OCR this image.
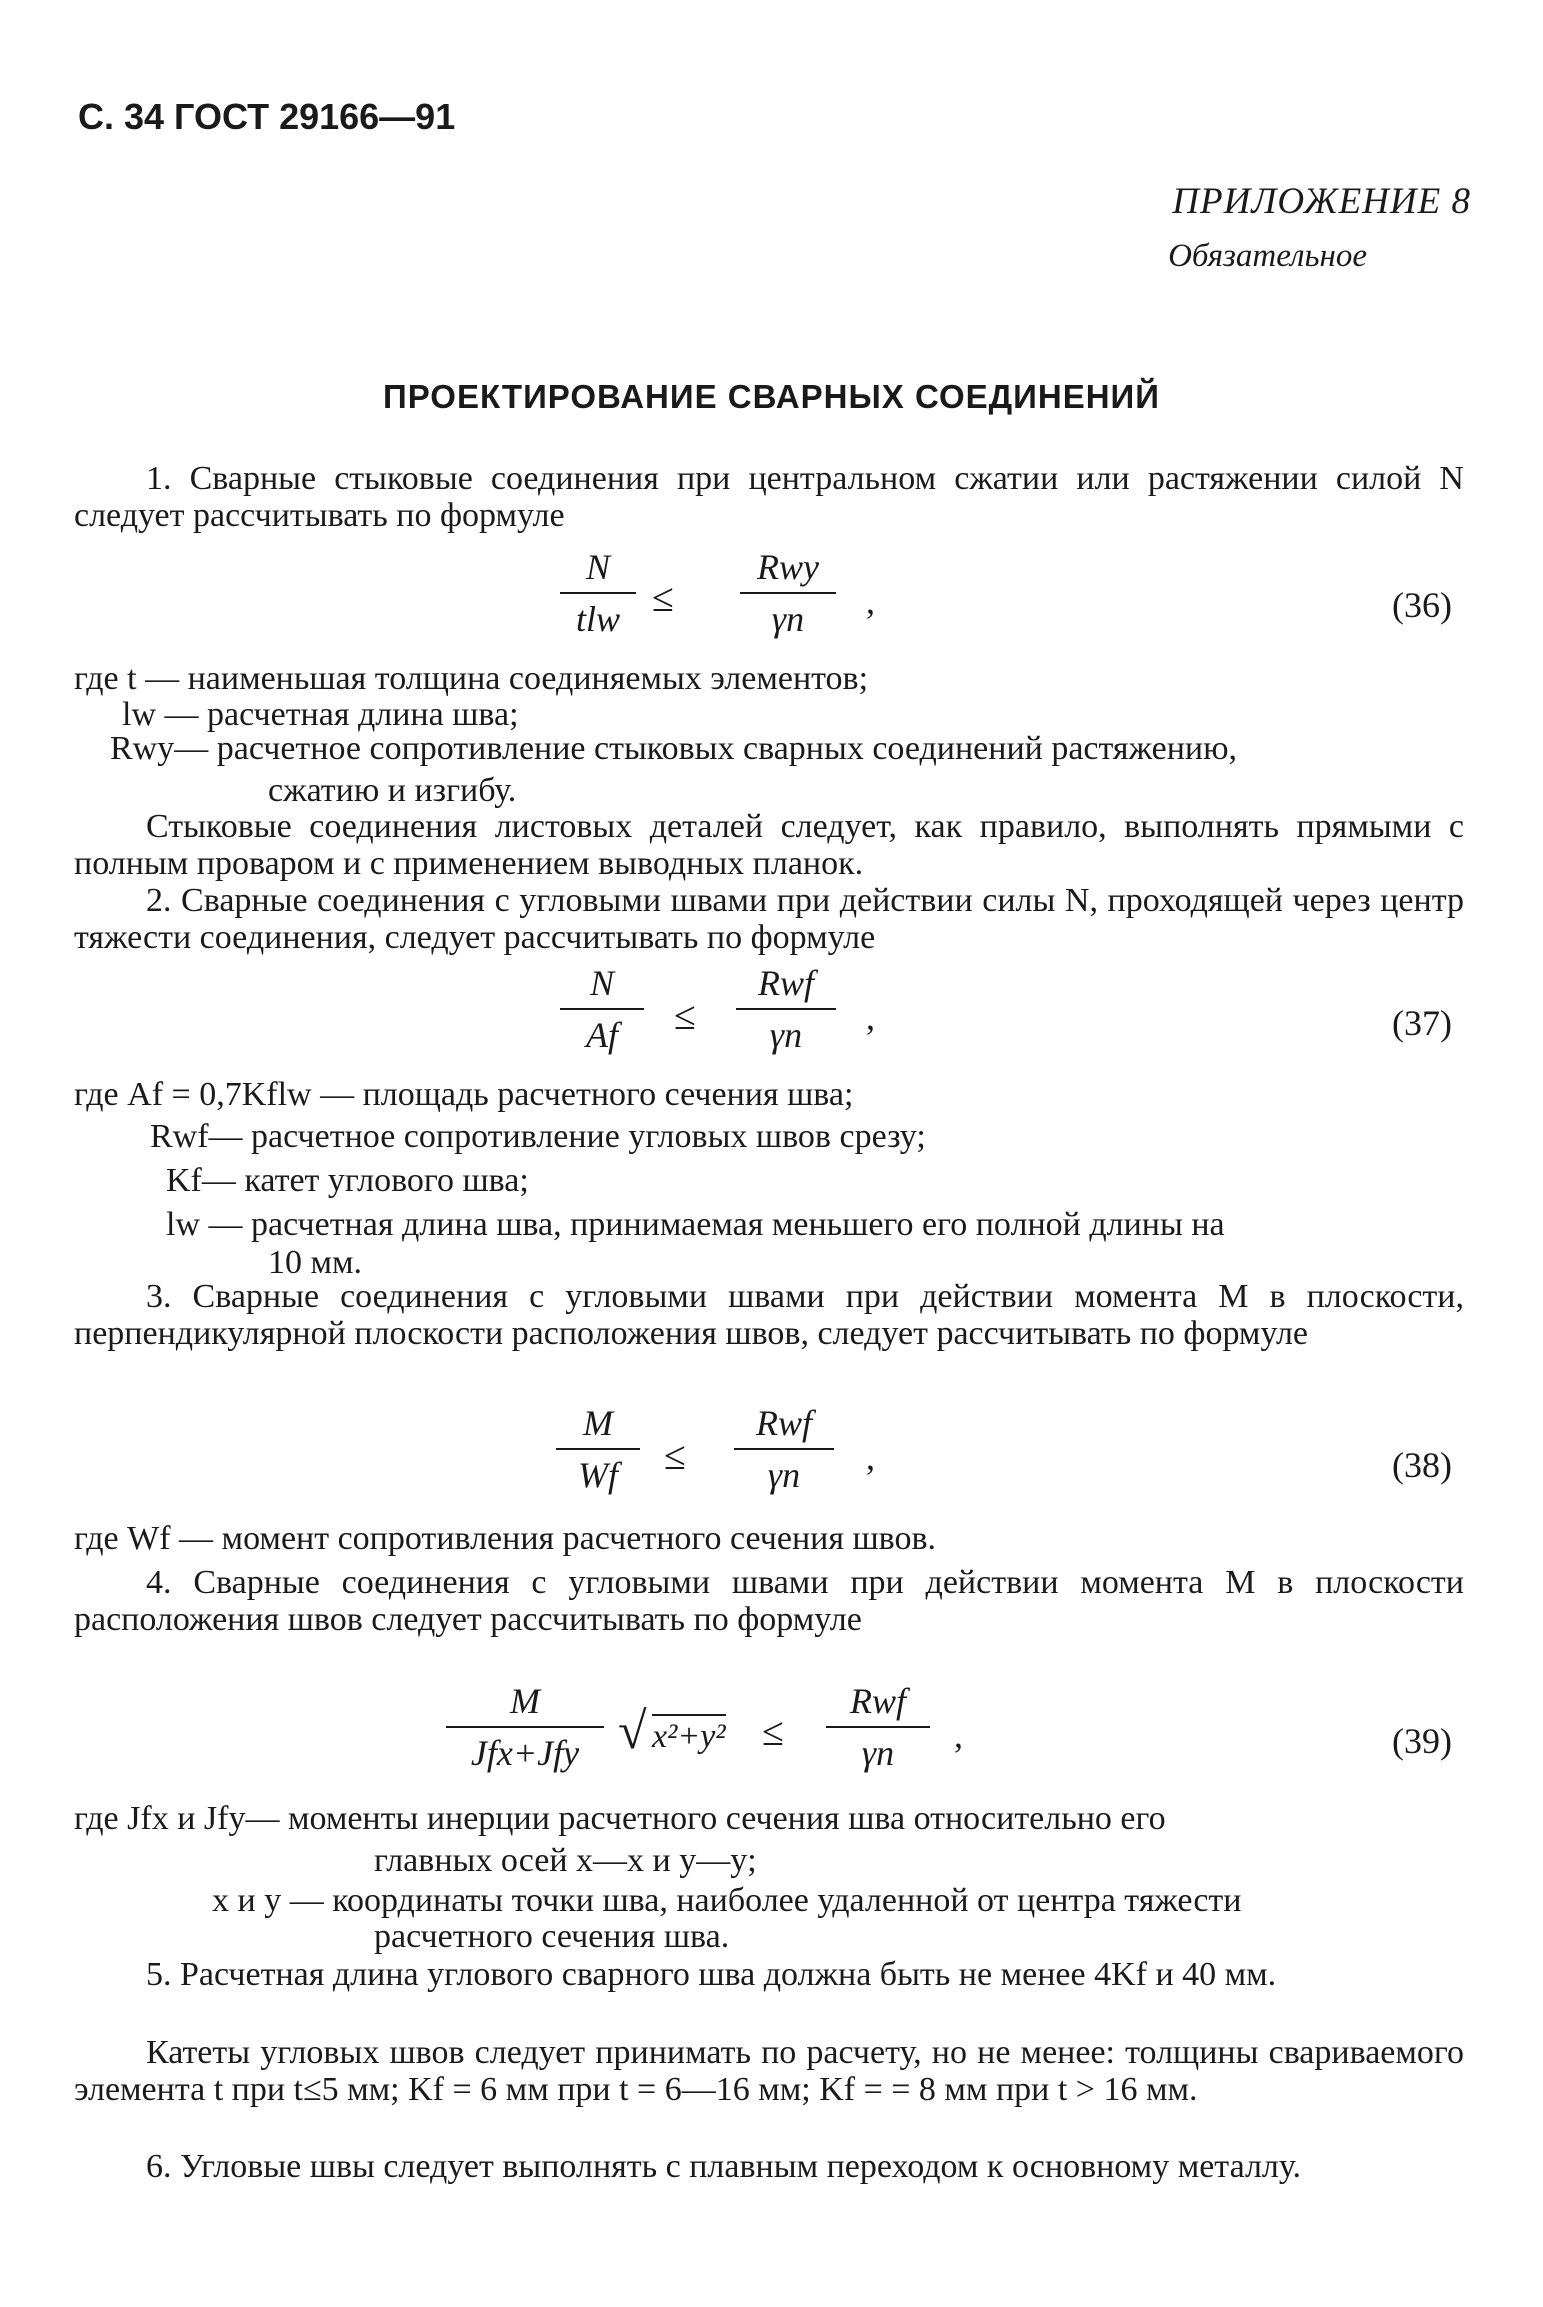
С. 34 ГОСТ 29166—91
ПРИЛОЖЕНИЕ 8
Обязательное
ПРОЕКТИРОВАНИЕ СВАРНЫХ СОЕДИНЕНИЙ
1. Сварные стыковые соединения при центральном сжатии или растяжении силой N следует рассчитывать по формуле
N
tlw ≤
Rwy
γn	,	(36)
где t — наименьшая толщина соединяемых элементов;
lw — расчетная длина шва;
Rwy— расчетное сопротивление стыковых сварных соединений растяжению,
сжатию и изгибу.
Стыковые соединения листовых деталей следует, как правило, выполнять прямыми с полным проваром и с применением выводных планок.
2. Сварные соединения с угловыми швами при действии силы N, проходящей через центр тяжести соединения, следует рассчитывать по формуле
N
Af	≤
Rwf
γn	,	(37)
где Af = 0,7Kflw — площадь расчетного сечения шва;
Rwf— расчетное сопротивление угловых швов срезу;
Kf— катет углового шва;
lw — расчетная длина шва, принимаемая меньшего его полной длины на
10 мм.
3. Сварные соединения с угловыми швами при действии момента M в плоскости, перпендикулярной плоскости расположения швов, следует рассчитывать по формуле
M
Wf	≤
Rwf
γn	,	(38)
где Wf — момент сопротивления расчетного сечения швов.
4. Сварные соединения с угловыми швами при действии момента M в плоскости расположения швов следует рассчитывать по формуле
M
Jfx+Jfy √ x²+y² ≤
Rwf
γn	,	(39)
где Jfx и Jfy— моменты инерции расчетного сечения шва относительно его
главных осей x—x и y—y;
x и y — координаты точки шва, наиболее удаленной от центра тяжести
расчетного сечения шва.
5. Расчетная длина углового сварного шва должна быть не менее 4Kf и 40 мм.
Катеты угловых швов следует принимать по расчету, но не менее: толщины свариваемого элемента t при t≤5 мм; Kf = 6 мм при t = 6—16 мм; Kf = = 8 мм при t > 16 мм.
6. Угловые швы следует выполнять с плавным переходом к основному металлу.
